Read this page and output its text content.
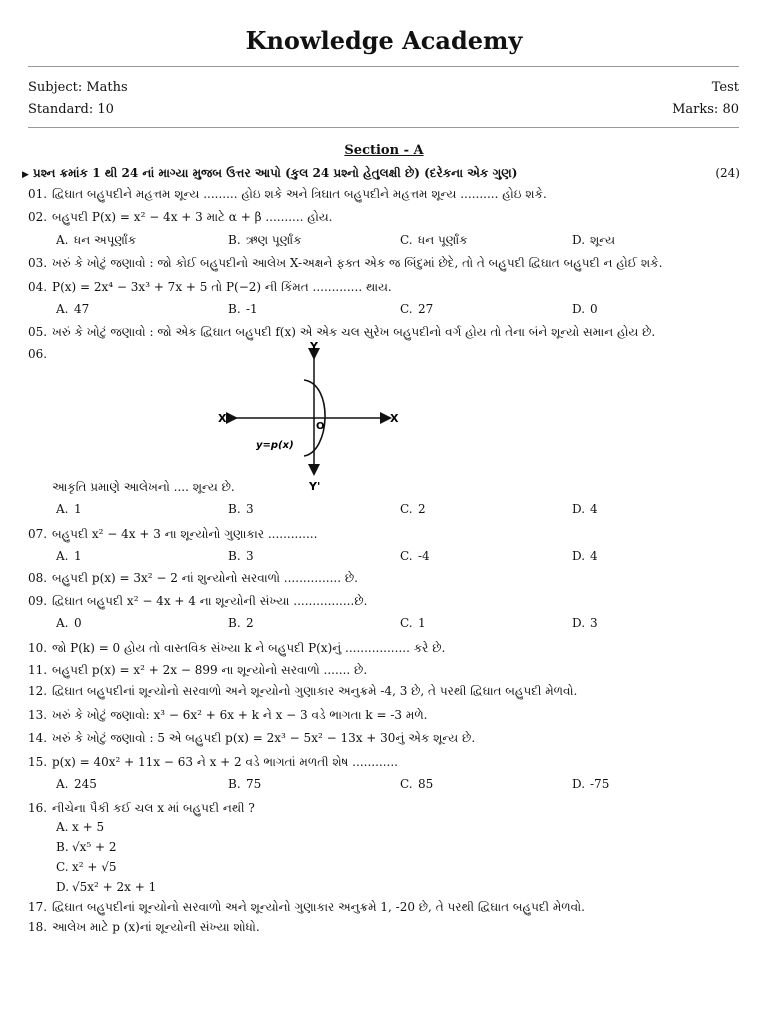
Knowledge Academy
Subject: Maths	Test
Standard: 10	Marks: 80
Section - A
▶ પ્રશ્ન ક્રમાંક 1 થી 24 નાં માગ્યા મુજબ ઉત્તર આપો (કુલ 24 પ્રશ્નો હેતુલક્ષી છે) (દરેકના એક ગુણ)	(24)
01. દ્વિઘાત બહુપદીને મહત્તમ શૂન્ય ......... હોઇ શકે અને ત્રિઘાત બહુપદીને મહત્તમ શૂન્ય .......... હોઇ શકે.
02. બહુપદી P(x) = x² − 4x + 3 માટે α + β .......... હોય.
A. ધન અપૂર્ણાંક	B. ઋણ પૂર્ણાંક	C. ધન પૂર્ણાંક	D. શૂન્ય
03. ખરું કે ખોટું જણાવો : જો કોઈ બહુપદીનો આલેખ X-અક્ષને ફક્ત એક જ બિંદુમાં છેદે, તો તે બહુપદી દ્વિઘાત બહુપદી ન હોઈ શકે.
04. P(x) = 2x⁴ − 3x³ + 7x + 5 તો P(−2) ની કિંમત ............. થાય.
A. 47	B. -1	C. 27	D. 0
05. ખરું કે ખોટું જણાવો : જો એક દ્વિઘાત બહુપદી f(x) એ એક ચલ સુરેખ બહુપદીનો વર્ગ હોય તો તેના બંને શૂન્યો સમાન હોય છે.
06.
આકૃતિ પ્રમાણે આલેખનો .... શૂન્ય છે.
A. 1	B. 3	C. 2	D. 4
07. બહુપદી x² − 4x + 3 ના શૂન્યોનો ગુણાકાર .............
A. 1	B. 3	C. -4	D. 4
08. બહુપદી p(x) = 3x² − 2 નાં શુન્યોનો સરવાળો ............... છે.
09. દ્વિઘાત બહુપદી x² − 4x + 4 ના શૂન્યોની સંખ્યા ................છે.
A. 0	B. 2	C. 1	D. 3
10. જો P(k) = 0 હોય તો વાસ્તવિક સંખ્યા k ને બહુપદી P(x)નું ................. કરે છે.
11. બહુપદી p(x) = x² + 2x − 899 ના શૂન્યોનો સરવાળો ....... છે.
12. દ્વિઘાત બહુપદીનાં શૂન્યોનો સરવાળો અને શૂન્યોનો ગુણાકાર અનુક્રમે -4, 3 છે, તે પરથી દ્વિઘાત બહુપદી મેળવો.
13. ખરું કે ખોટું જણાવો: x³ − 6x² + 6x + k ને x − 3 વડે ભાગતા k = -3 મળે.
14. ખરું કે ખોટું જણાવો : 5 એ બહુપદી p(x) = 2x³ − 5x² − 13x + 30નું એક શૂન્ય છે.
15. p(x) = 40x² + 11x − 63 ને x + 2 વડે ભાગતાં મળતી શેષ ............
A. 245	B. 75	C. 85	D. -75
16. નીચેના પૈકી કઈ ચલ x માં બહુપદી નથી ?
A. x + 5
B. √x⁵ + 2
C. x² + √5
D. √5x² + 2x + 1
17. દ્વિઘાત બહુપદીનાં શૂન્યોનો સરવાળો અને શૂન્યોનો ગુણાકાર અનુક્રમે 1, -20 છે, તે પરથી દ્વિઘાત બહુપદી મેળવો.
18. આલેખ માટે p (x)નાં શૂન્યોની સંખ્યા શોધો.
Y
Y'
X
X'
O
y=p(x)
